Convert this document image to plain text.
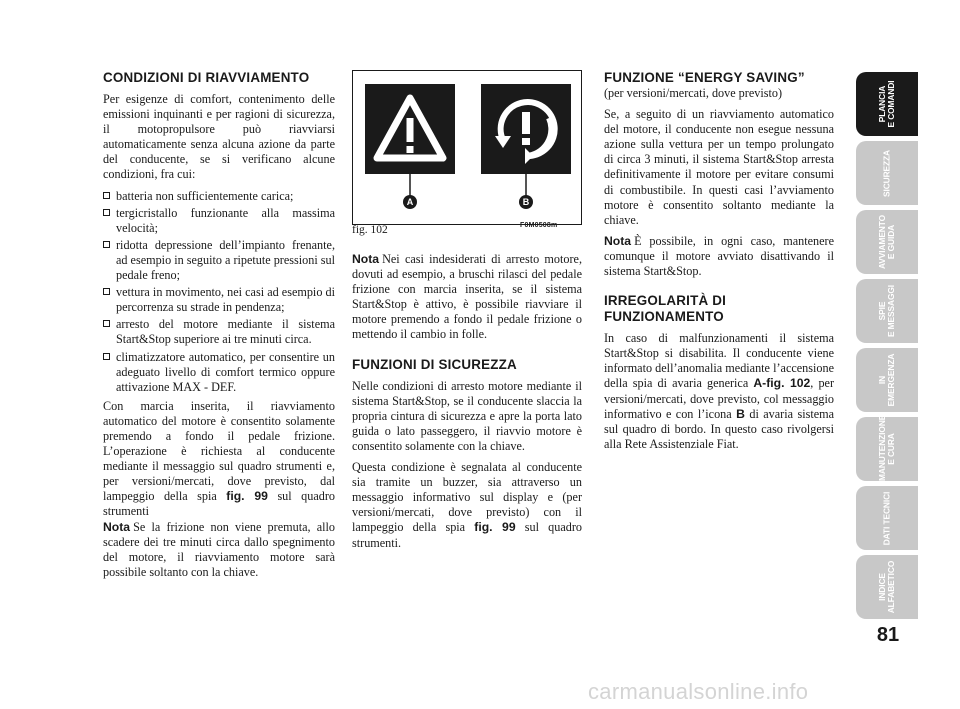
CONDIZIONI DI RIAVVIAMENTO

Per esigenze di comfort, contenimento delle emissioni inquinanti e per ragioni di sicurezza, il motopropulsore può riavviarsi automaticamente senza alcuna azione da parte del conducente, se si verificano alcune condizioni, fra cui:

batteria non sufficientemente carica;
tergicristallo funzionante alla massima velocità;
ridotta depressione dell’impianto frenante, ad esempio in seguito a ripetute pressioni sul pedale freno;
vettura in movimento, nei casi ad esempio di percorrenza su strade in pendenza;
arresto del motore mediante il sistema Start&Stop superiore ai tre minuti circa.
climatizzatore automatico, per consentire un adeguato livello di comfort termico oppure attivazione MAX - DEF.

Con marcia inserita, il riavviamento automatico del motore è consentito solamente premendo a fondo il pedale frizione. L’operazione è richiesta al conducente mediante il messaggio sul quadro strumenti e, per versioni/mercati, dove previsto, dal lampeggio della spia fig. 99 sul quadro strumenti

Nota Se la frizione non viene premuta, allo scadere dei tre minuti circa dallo spegnimento del motore, il riavviamento motore sarà possibile soltanto con la chiave.

A	B
fig. 102	F0M0508m

Nota Nei casi indesiderati di arresto motore, dovuti ad esempio, a bruschi rilasci del pedale frizione con marcia inserita, se il sistema Start&Stop è attivo, è possibile riavviare il motore premendo a fondo il pedale frizione o mettendo il cambio in folle.

FUNZIONI DI SICUREZZA

Nelle condizioni di arresto motore mediante il sistema Start&Stop, se il conducente slaccia la propria cintura di sicurezza e apre la porta lato guida o lato passeggero, il riavvio motore è consentito solamente con la chiave.

Questa condizione è segnalata al conducente sia tramite un buzzer, sia attraverso un messaggio informativo sul display e (per versioni/mercati, dove previsto) con il lampeggio della spia fig. 99 sul quadro strumenti.

FUNZIONE “ENERGY SAVING”

(per versioni/mercati, dove previsto)

Se, a seguito di un riavviamento automatico del motore, il conducente non esegue nessuna azione sulla vettura per un tempo prolungato di circa 3 minuti, il sistema Start&Stop arresta definitivamente il motore per evitare consumi di combustibile. In questi casi l’avviamento motore è consentito soltanto mediante la chiave.

Nota È possibile, in ogni caso, mantenere comunque il motore avviato disattivando il sistema Start&Stop.

IRREGOLARITÀ DI FUNZIONAMENTO

In caso di malfunzionamenti il sistema Start&Stop si disabilita. Il conducente viene informato dell’anomalia mediante l’accensione della spia di avaria generica A-fig. 102, per versioni/mercati, dove previsto, col messaggio informativo e con l’icona B di avaria sistema sul quadro di bordo. In questo caso rivolgersi alla Rete Assistenziale Fiat.

PLANCIA
E COMANDI
SICUREZZA
AVVIAMENTO
E GUIDA
SPIE
E MESSAGGI
IN
EMERGENZA
MANUTENZIONE
E CURA
DATI TECNICI
INDICE
ALFABETICO
81
carmanualsonline.info
